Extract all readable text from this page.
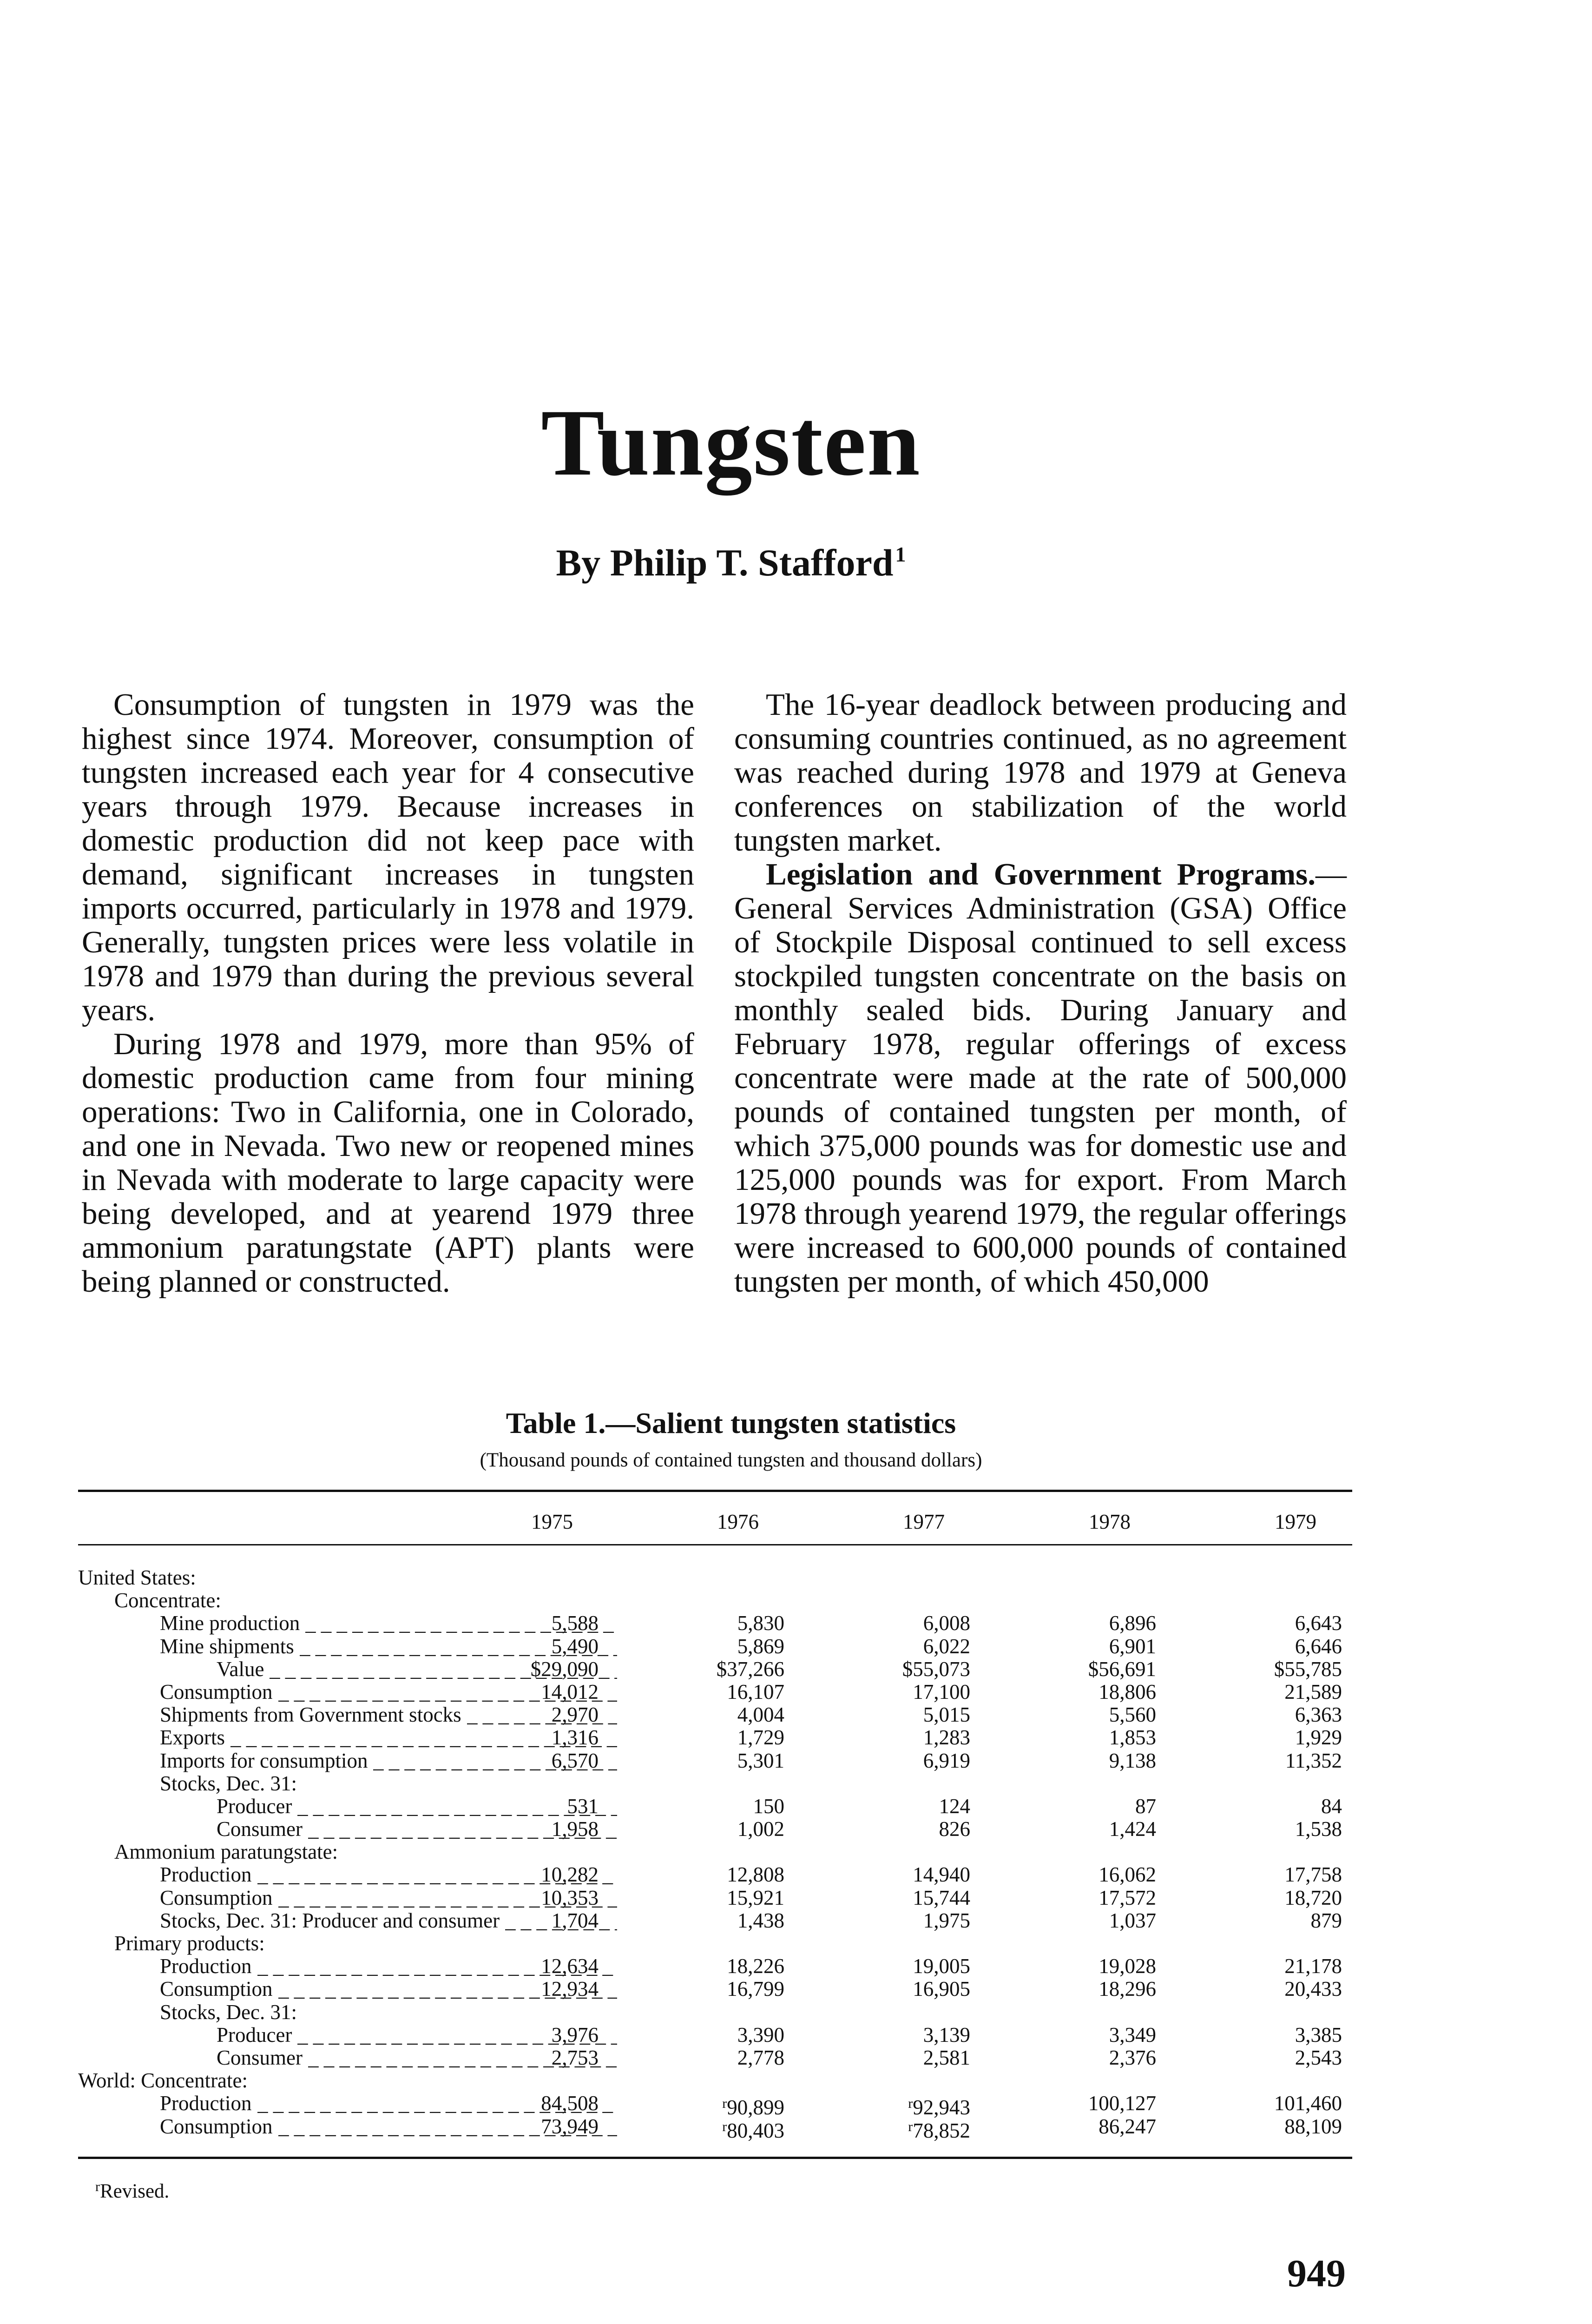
Tungsten
By Philip T. Stafford$^1$

Consumption of tungsten in 1979 was the highest since 1974. Moreover, consumption of tungsten increased each year for 4 consecutive years through 1979. Because increases in domestic production did not keep pace with demand, significant increases in tungsten imports occurred, particularly in 1978 and 1979. Generally, tungsten prices were less volatile in 1978 and 1979 than during the previous several years.

During 1978 and 1979, more than 95% of domestic production came from four mining operations: Two in California, one in Colorado, and one in Nevada. Two new or reopened mines in Nevada with moderate to large capacity were being developed, and at yearend 1979 three ammonium paratungstate (APT) plants were being planned or constructed.

The 16-year deadlock between producing and consuming countries continued, as no agreement was reached during 1978 and 1979 at Geneva conferences on stabilization of the world tungsten market.

Legislation and Government Programs.—General Services Administration (GSA) Office of Stockpile Disposal continued to sell excess stockpiled tungsten concentrate on the basis on monthly sealed bids. During January and February 1978, regular offerings of excess concentrate were made at the rate of 500,000 pounds of contained tungsten per month, of which 375,000 pounds was for domestic use and 125,000 pounds was for export. From March 1978 through yearend 1979, the regular offerings were increased to 600,000 pounds of contained tungsten per month, of which 450,000

Table 1.—Salient tungsten statistics
(Thousand pounds of contained tungsten and thousand dollars)
1975	1976	1977	1978	1979
United States:
Concentrate:
Mine production _ _ _	5,588	5,830	6,008	6,896	6,643
Mine shipments _ _ _	5,490	5,869	6,022	6,901	6,646
Value _ _ _	$29,090	$37,266	$55,073	$56,691	$55,785
Consumption _ _ _	14,012	16,107	17,100	18,806	21,589
Shipments from Government stocks _ _ _	2,970	4,004	5,015	5,560	6,363
Exports _ _ _	1,316	1,729	1,283	1,853	1,929
Imports for consumption _ _ _	6,570	5,301	6,919	9,138	11,352
Stocks, Dec. 31:
Producer _ _ _	531	150	124	87	84
Consumer _ _ _	1,958	1,002	826	1,424	1,538
Ammonium paratungstate:
Production _ _ _	10,282	12,808	14,940	16,062	17,758
Consumption _ _ _	10,353	15,921	15,744	17,572	18,720
Stocks, Dec. 31: Producer and consumer _ _ _	1,704	1,438	1,975	1,037	879
Primary products:
Production _ _ _	12,634	18,226	19,005	19,028	21,178
Consumption _ _ _	12,934	16,799	16,905	18,296	20,433
Stocks, Dec. 31:
Producer _ _ _	3,976	3,390	3,139	3,349	3,385
Consumer _ _ _	2,753	2,778	2,581	2,376	2,543
World: Concentrate:
Production _ _ _	84,508	$^r$90,899	$^r$92,943	100,127	101,460
Consumption _ _ _	73,949	$^r$80,403	$^r$78,852	86,247	88,109
$^r$Revised.
949
